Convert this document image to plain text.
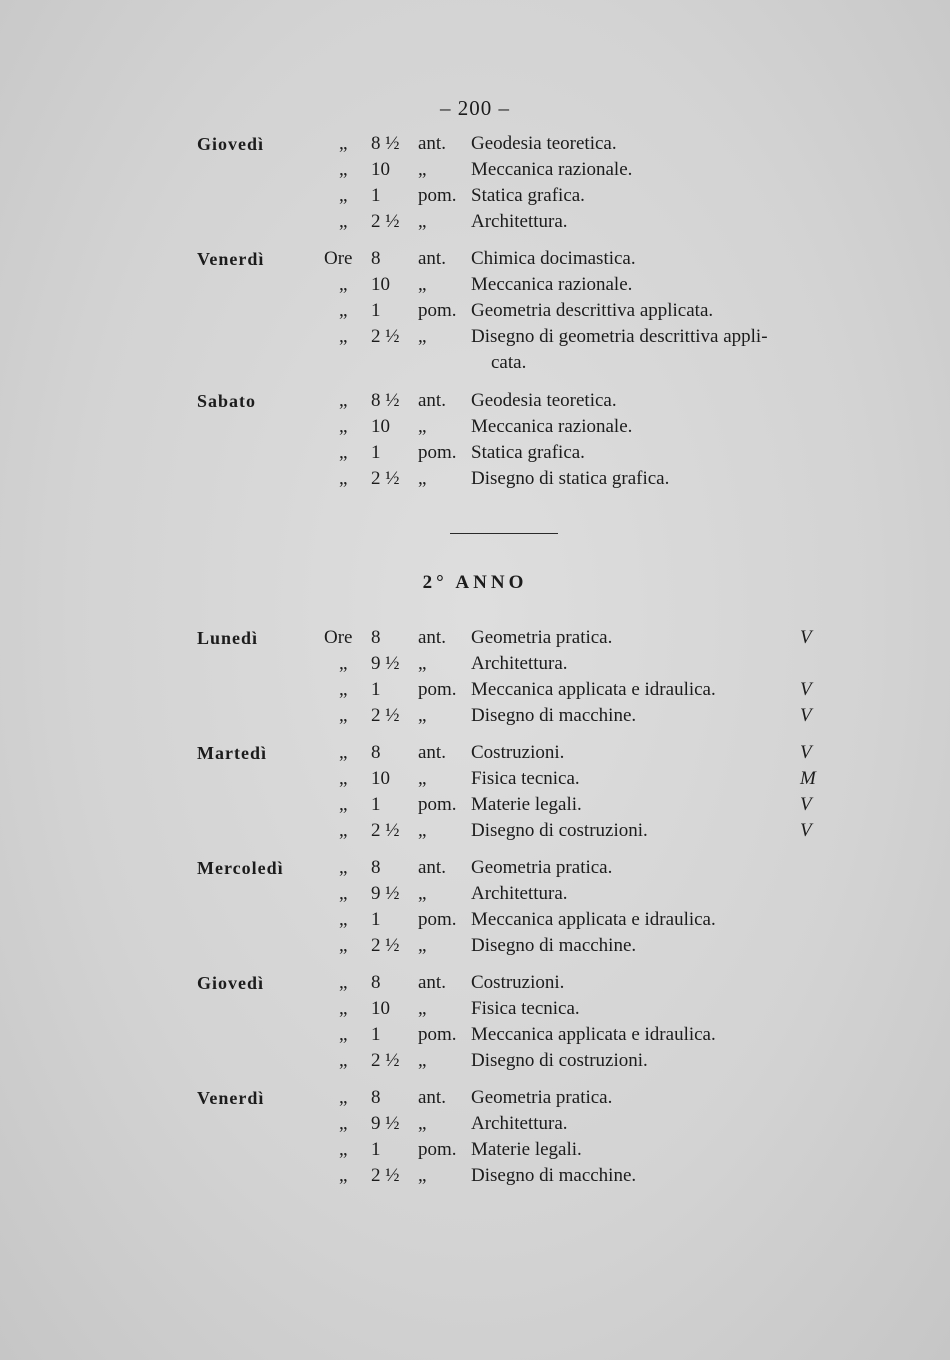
– 200 –
Giovedì	„ 8 ½ ant. Geodesia teoretica.
„ 10 „ Meccanica razionale.
„ 1 pom. Statica grafica.
„ 2 ½ „ Architettura.
Venerdì	Ore 8 ant. Chimica docimastica.
„ 10 „ Meccanica razionale.
„ 1 pom. Geometria descrittiva applicata.
„ 2 ½ „ Disegno di geometria descrittiva appli-
cata.
Sabato	„ 8 ½ ant. Geodesia teoretica.
„ 10 „ Meccanica razionale.
„ 1 pom. Statica grafica.
„ 2 ½ „ Disegno di statica grafica.
2° ANNO
Lunedì	Ore 8 ant. Geometria pratica.	V
„ 9 ½ „ Architettura.
„ 1 pom. Meccanica applicata e idraulica.	V
„ 2 ½ „ Disegno di macchine.	V
Martedì	„ 8 ant. Costruzioni.	V
„ 10 „ Fisica tecnica.	M
„ 1 pom. Materie legali.	V
„ 2 ½ „ Disegno di costruzioni.	V
Mercoledì	„ 8 ant. Geometria pratica.
„ 9 ½ „ Architettura.
„ 1 pom. Meccanica applicata e idraulica.
„ 2 ½ „ Disegno di macchine.
Giovedì	„ 8 ant. Costruzioni.
„ 10 „ Fisica tecnica.
„ 1 pom. Meccanica applicata e idraulica.
„ 2 ½ „ Disegno di costruzioni.
Venerdì	„ 8 ant. Geometria pratica.
„ 9 ½ „ Architettura.
„ 1 pom. Materie legali.
„ 2 ½ „ Disegno di macchine.
